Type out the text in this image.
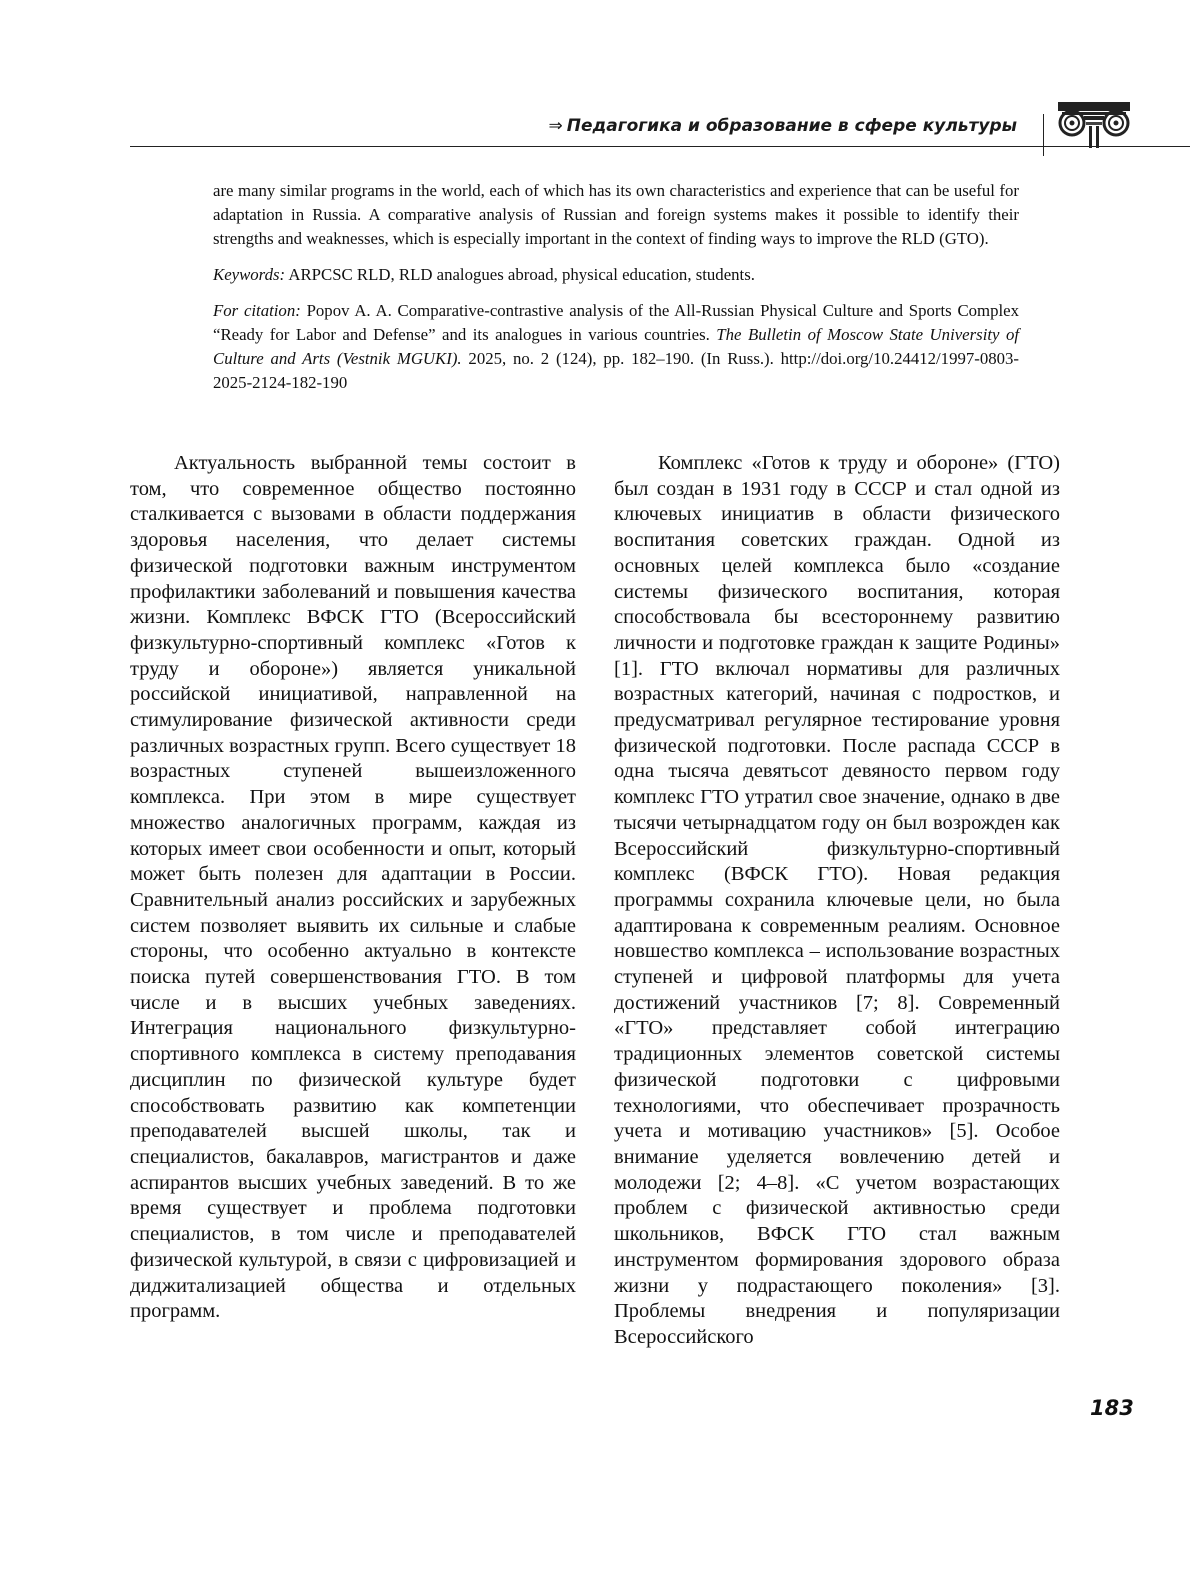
⇒ Педагогика и образование в сфере культуры

are many similar programs in the world, each of which has its own characteristics and experience that can be useful for adaptation in Russia. A comparative analysis of Russian and foreign systems makes it possible to identify their strengths and weaknesses, which is especially important in the context of finding ways to improve the RLD (GTO).

Keywords: ARPCSC RLD, RLD analogues abroad, physical education, students.

For citation: Popov A. A. Comparative-contrastive analysis of the All-Russian Physical Culture and Sports Complex “Ready for Labor and Defense” and its analogues in various countries. The Bulletin of Moscow State University of Culture and Arts (Vestnik MGUKI). 2025, no. 2 (124), pp. 182–190. (In Russ.). http://doi.org/10.24412/1997-0803-2025-2124-182-190

Актуальность выбранной темы состоит в том, что современное общество постоянно сталкивается с вызовами в области поддержания здоровья населения, что делает системы физической подготовки важным инструментом профилактики заболеваний и повышения качества жизни. Комплекс ВФСК ГТО (Всероссийский физкультурно-спортивный комплекс «Готов к труду и обороне») является уникальной российской инициативой, направленной на стимулирование физической активности среди различных возрастных групп. Всего существует 18 возрастных ступеней вышеизложенного комплекса. При этом в мире существует множество аналогичных программ, каждая из которых имеет свои особенности и опыт, который может быть полезен для адаптации в России. Сравнительный анализ российских и зарубежных систем позволяет выявить их сильные и слабые стороны, что особенно актуально в контексте поиска путей совершенствования ГТО. В том числе и в высших учебных заведениях. Интеграция национального физкультурно-спортивного комплекса в систему преподавания дисциплин по физической культуре будет способствовать развитию как компетенции преподавателей высшей школы, так и специалистов, бакалавров, магистрантов и даже аспирантов высших учебных заведений. В то же время существует и проблема подготовки специалистов, в том числе и преподавателей физической культурой, в связи с цифровизацией и диджитализацией общества и отдельных программ.

Комплекс «Готов к труду и обороне» (ГТО) был создан в 1931 году в СССР и стал одной из ключевых инициатив в области физического воспитания советских граждан. Одной из основных целей комплекса было «создание системы физического воспитания, которая способствовала бы всестороннему развитию личности и подготовке граждан к защите Родины» [1]. ГТО включал нормативы для различных возрастных категорий, начиная с подростков, и предусматривал регулярное тестирование уровня физической подготовки. После распада СССР в одна тысяча девятьсот девяносто первом году комплекс ГТО утратил свое значение, однако в две тысячи четырнадцатом году он был возрожден как Всероссийский физкультурно-спортивный комплекс (ВФСК ГТО). Новая редакция программы сохранила ключевые цели, но была адаптирована к современным реалиям. Основное новшество комплекса – использование возрастных ступеней и цифровой платформы для учета достижений участников [7; 8]. Современный «ГТО» представляет собой интеграцию традиционных элементов советской системы физической подготовки с цифровыми технологиями, что обеспечивает прозрачность учета и мотивацию участников» [5]. Особое внимание уделяется вовлечению детей и молодежи [2; 4–8]. «С учетом возрастающих проблем с физической активностью среди школьников, ВФСК ГТО стал важным инструментом формирования здорового образа жизни у подрастающего поколения» [3]. Проблемы внедрения и популяризации Всероссийского

183
